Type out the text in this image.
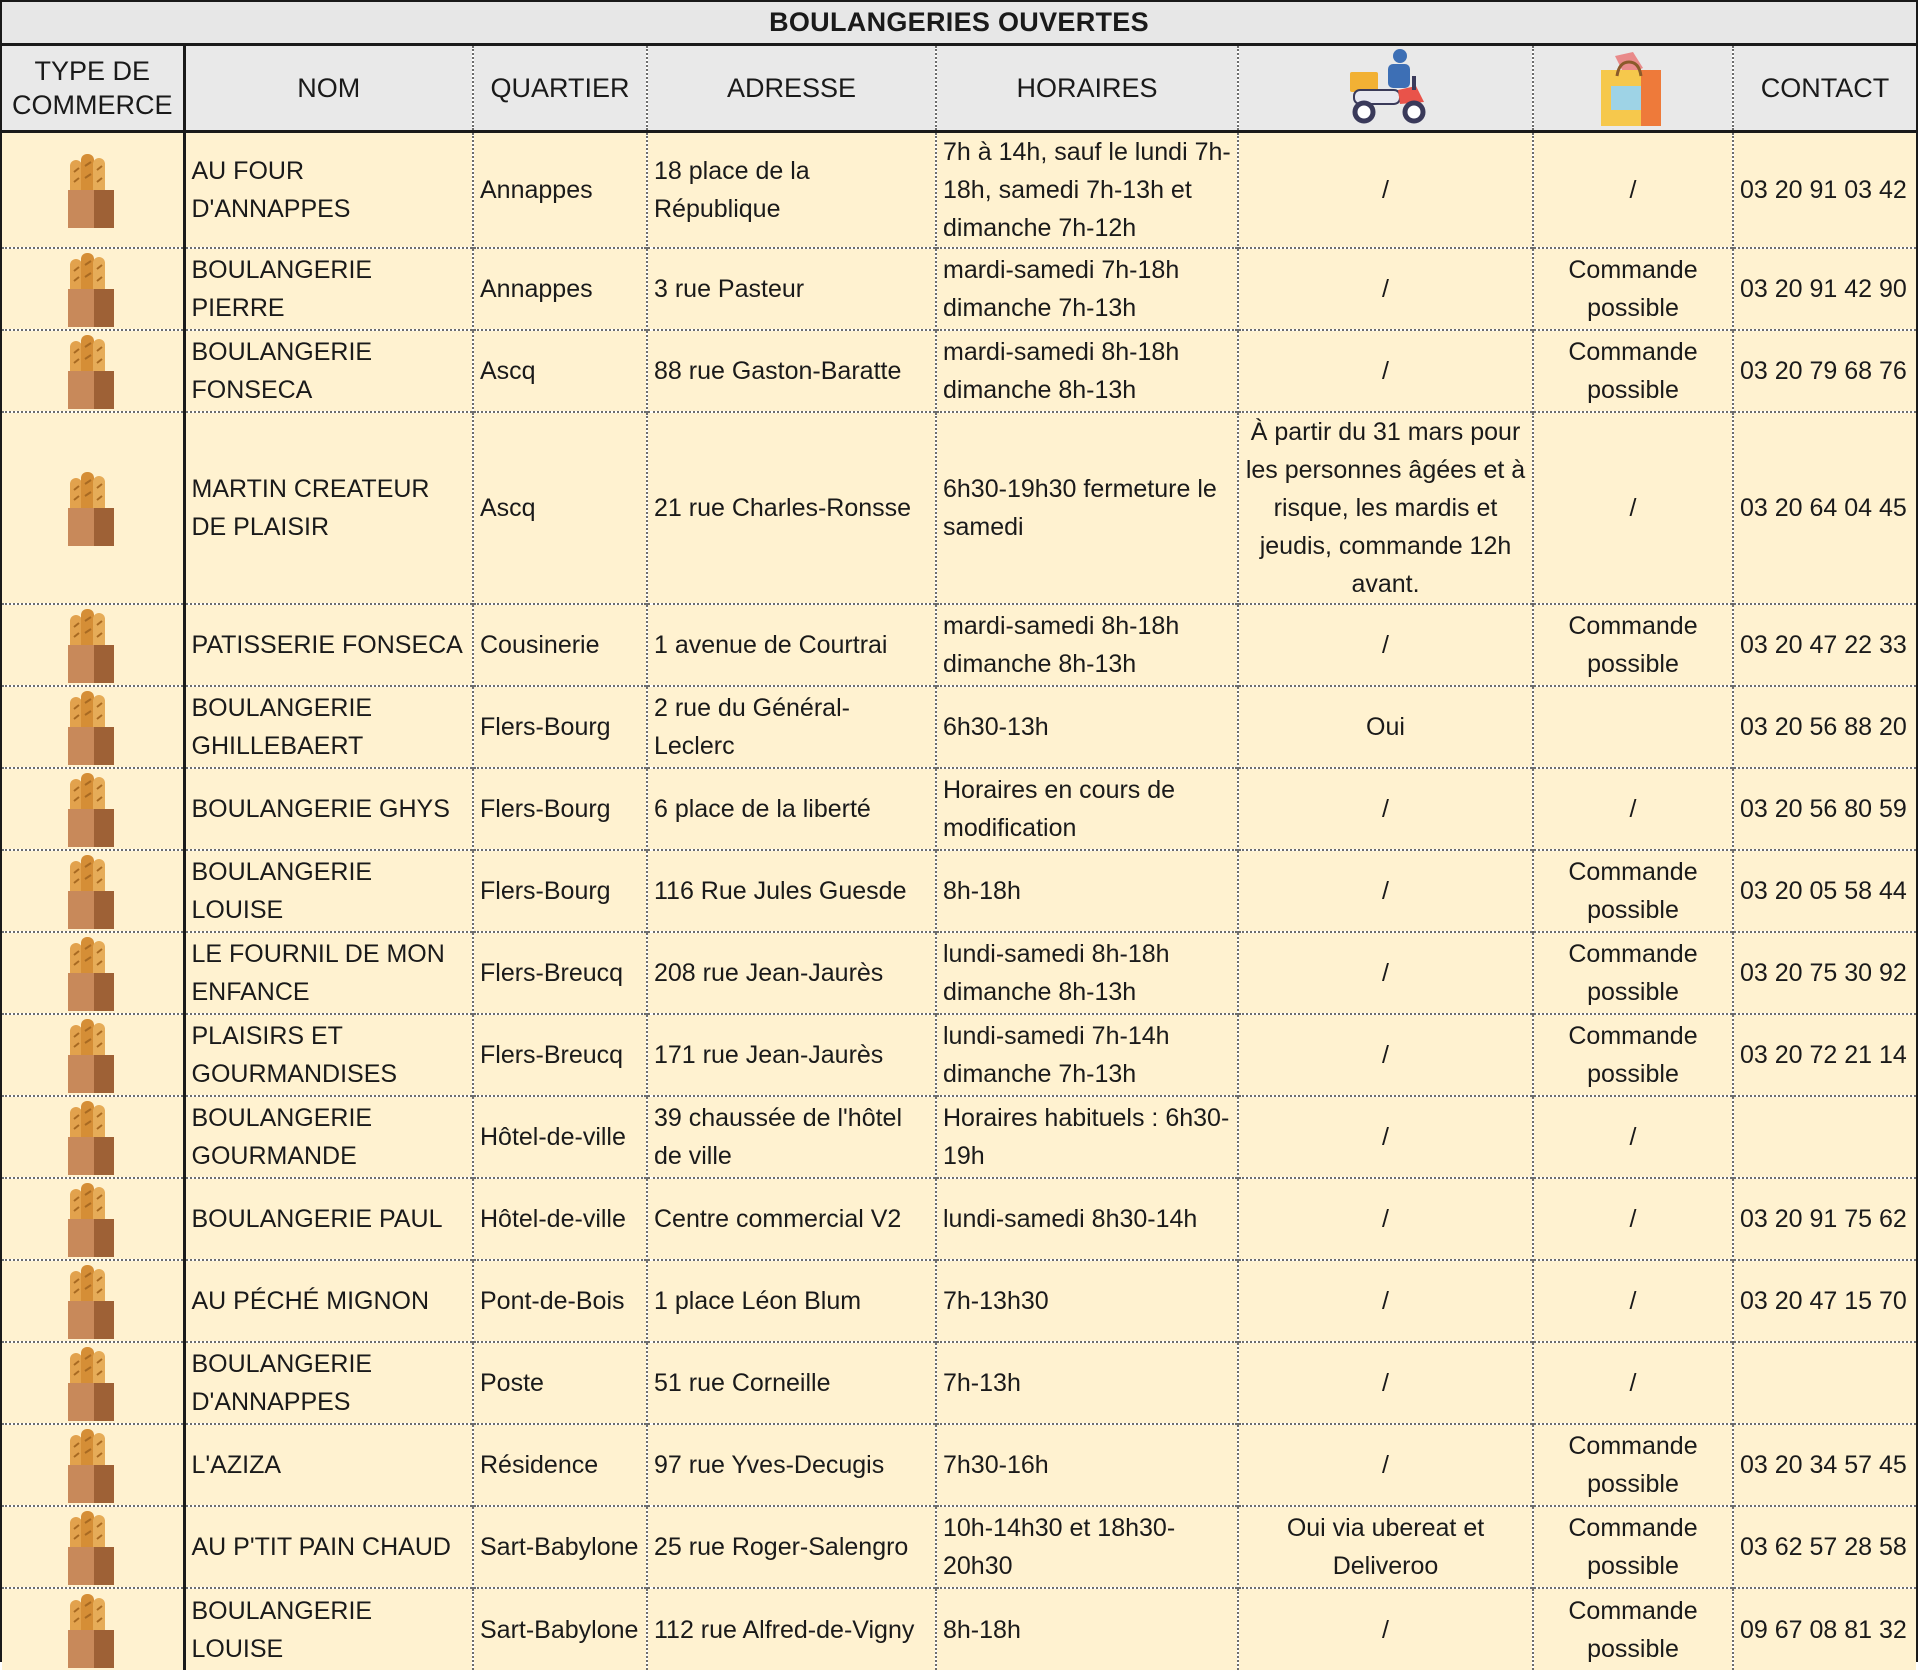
BOULANGERIES OUVERTES
TYPE DE COMMERCE	NOM	QUARTIER	ADRESSE	HORAIRES			CONTACT

	AU FOUR D'ANNAPPES	Annappes	18 place de la République	7h à 14h, sauf le lundi 7h-18h, samedi 7h-13h et dimanche 7h-12h	/	/	03 20 91 03 42

	BOULANGERIE PIERRE	Annappes	3 rue Pasteur	mardi-samedi 7h-18h dimanche 7h-13h	/	Commande possible	03 20 91 42 90

	BOULANGERIE FONSECA	Ascq	88 rue Gaston-Baratte	mardi-samedi 8h-18h dimanche 8h-13h	/	Commande possible	03 20 79 68 76

	MARTIN CREATEUR DE PLAISIR	Ascq	21 rue Charles-Ronsse	6h30-19h30 fermeture le samedi	À partir du 31 mars pour les personnes âgées et à risque, les mardis et jeudis, commande 12h avant.	/	03 20 64 04 45

	PATISSERIE FONSECA	Cousinerie	1 avenue de Courtrai	mardi-samedi 8h-18h dimanche 8h-13h	/	Commande possible	03 20 47 22 33

	BOULANGERIE GHILLEBAERT	Flers-Bourg	2 rue du Général-Leclerc	6h30-13h	Oui		03 20 56 88 20

	BOULANGERIE GHYS	Flers-Bourg	6 place de la liberté	Horaires en cours de modification	/	/	03 20 56 80 59

	BOULANGERIE LOUISE	Flers-Bourg	116 Rue Jules Guesde	8h-18h	/	Commande possible	03 20 05 58 44

	LE FOURNIL DE MON ENFANCE	Flers-Breucq	208 rue Jean-Jaurès	lundi-samedi 8h-18h dimanche 8h-13h	/	Commande possible	03 20 75 30 92

	PLAISIRS ET GOURMANDISES	Flers-Breucq	171 rue Jean-Jaurès	lundi-samedi 7h-14h dimanche 7h-13h	/	Commande possible	03 20 72 21 14

	BOULANGERIE GOURMANDE	Hôtel-de-ville	39 chaussée de l'hôtel de ville	Horaires habituels : 6h30-19h	/	/	

	BOULANGERIE PAUL	Hôtel-de-ville	Centre commercial V2	lundi-samedi 8h30-14h	/	/	03 20 91 75 62

	AU PÉCHÉ MIGNON	Pont-de-Bois	1 place Léon Blum	7h-13h30	/	/	03 20 47 15 70

	BOULANGERIE D'ANNAPPES	Poste	51 rue Corneille	7h-13h	/	/	

	L'AZIZA	Résidence	97 rue Yves-Decugis	7h30-16h	/	Commande possible	03 20 34 57 45

	AU P'TIT PAIN CHAUD	Sart-Babylone	25 rue Roger-Salengro	10h-14h30 et 18h30-20h30	Oui via ubereat et Deliveroo	Commande possible	03 62 57 28 58

	BOULANGERIE LOUISE	Sart-Babylone	112 rue Alfred-de-Vigny	8h-18h	/	Commande possible	09 67 08 81 32
